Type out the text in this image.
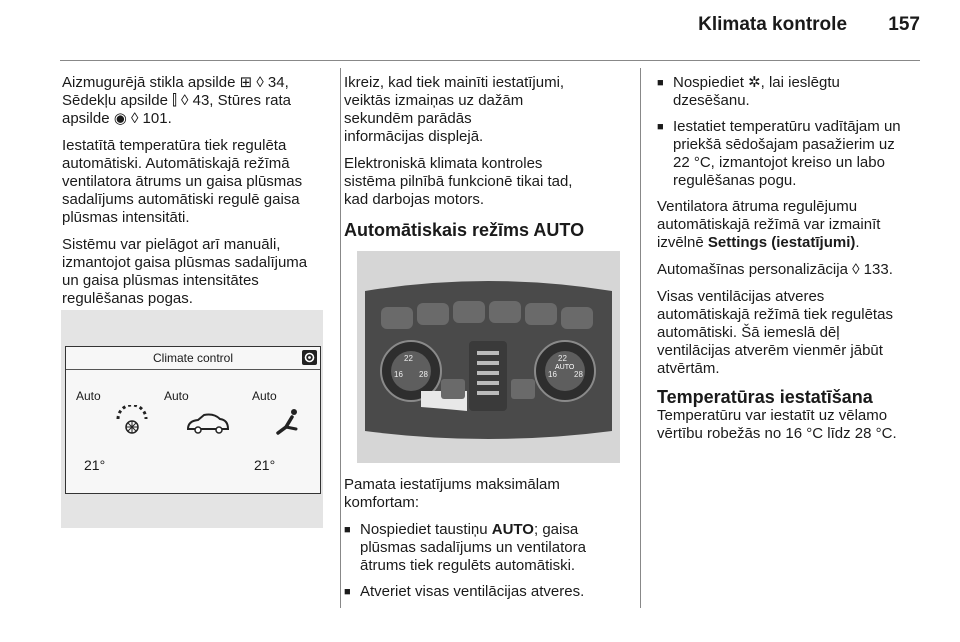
Klimata kontrole 157

Aizmugurējā stikla apsilde ⊞ ◊ 34,
Sēdekļu apsilde ⫿ ◊ 43, Stūres rata
apsilde ◉ ◊ 101.

Iestatītā temperatūra tiek regulēta
automātiski. Automātiskajā režīmā
ventilatora ātrums un gaisa plūsmas
sadalījums automātiski regulē gaisa
plūsmas intensitāti.

Sistēmu var pielāgot arī manuāli,
izmantojot gaisa plūsmas sadalījuma
un gaisa plūsmas intensitātes
regulēšanas pogas.

Climate control
Auto	Auto	Auto
21°	21°

Ikreiz, kad tiek mainīti iestatījumi,
veiktās izmaiņas uz dažām
sekundēm parādās
informācijas displejā.

Elektroniskā klimata kontroles
sistēma pilnībā funkcionē tikai tad,
kad darbojas motors.

Automātiskais režīms AUTO
22
16 28
22
16 28
AUTO

Pamata iestatījums maksimālam
komfortam:

■ Nospiediet taustiņu AUTO; gaisa
plūsmas sadalījums un ventilatora
ātrums tiek regulēts automātiski.
■ Atveriet visas ventilācijas atveres.
■ Nospiediet ✲, lai ieslēgtu
dzesēšanu.
■ Iestatiet temperatūru vadītājam un
priekšā sēdošajam pasažierim uz
22 °C, izmantojot kreiso un labo
regulēšanas pogu.

Ventilatora ātruma regulējumu
automātiskajā režīmā var izmainīt
izvēlnē Settings (iestatījumi).

Automašīnas personalizācija ◊ 133.

Visas ventilācijas atveres
automātiskajā režīmā tiek regulētas
automātiski. Šā iemeslā dēļ
ventilācijas atverēm vienmēr jābūt
atvērtām.

Temperatūras iestatīšana

Temperatūru var iestatīt uz vēlamo
vērtību robežās no 16 °C līdz 28 °C.
